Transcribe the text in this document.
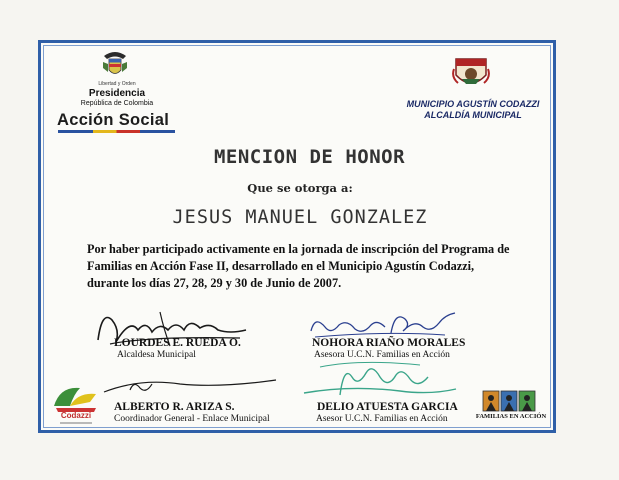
Libertad y Orden
Presidencia
República de Colombia
Acción Social
MUNICIPIO AGUSTÍN CODAZZI
ALCALDÍA MUNICIPAL
MENCION DE HONOR
Que se otorga a:
JESUS MANUEL GONZALEZ
Por haber participado activamente en la jornada de inscripción del Programa de
Familias en Acción Fase II, desarrollado en el Municipio Agustín Codazzi,
durante los días 27, 28, 29 y 30 de Junio de 2007.
LOURDES E. RUEDA O.
Alcaldesa Municipal
NOHORA RIAÑO MORALES
Asesora U.C.N. Familias en Acción
ALBERTO R. ARIZA S.
Coordinador General - Enlace Municipal
DELIO ATUESTA GARCIA
Asesor U.C.N. Familias en Acción
Codazzi	FAMILIAS EN ACCIÓN
